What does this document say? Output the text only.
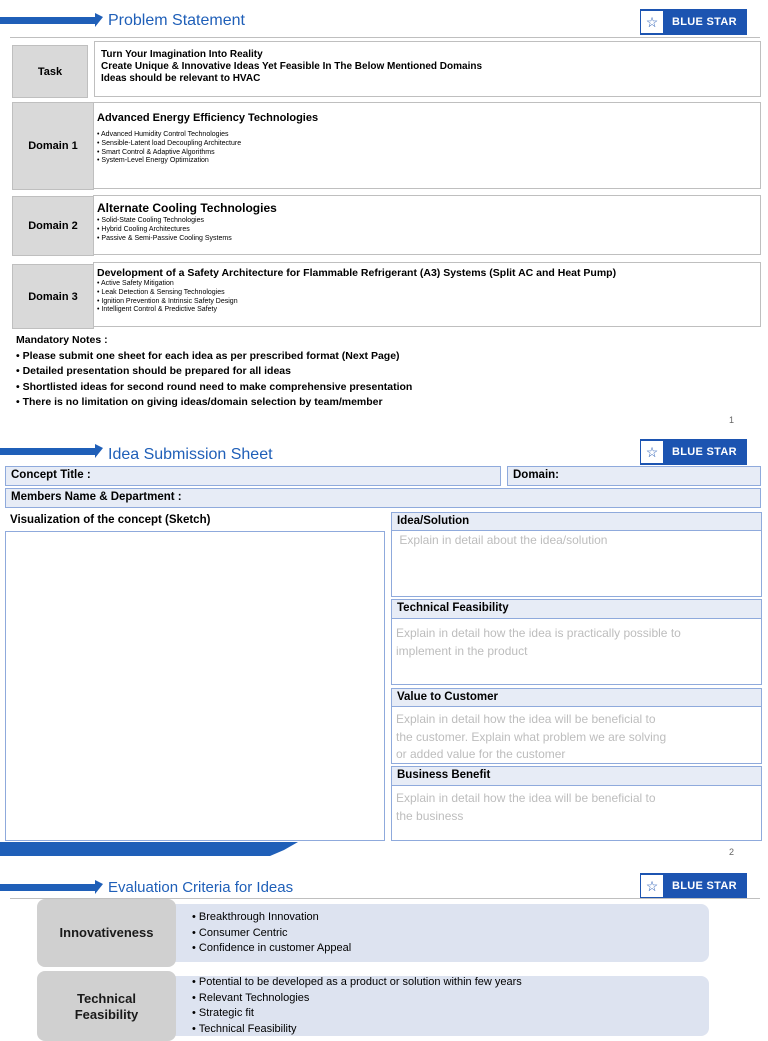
Problem Statement	☆	BLUE STAR
Task
Turn Your Imagination Into Reality
Create Unique & Innovative Ideas Yet Feasible In The Below Mentioned Domains
Ideas should be relevant to HVAC
Domain 1
Advanced Energy Efficiency Technologies
• Advanced Humidity Control Technologies
• Sensible-Latent load Decoupling Architecture
• Smart Control & Adaptive Algorithms
• System-Level Energy Optimization
Domain 2
Alternate Cooling Technologies
• Solid-State Cooling Technologies
• Hybrid Cooling Architectures
• Passive & Semi-Passive Cooling Systems
Domain 3
Development of a Safety Architecture for Flammable Refrigerant (A3) Systems (Split AC and Heat Pump)
• Active Safety Mitigation
• Leak Detection & Sensing Technologies
• Ignition Prevention & Intrinsic Safety Design
• Intelligent Control & Predictive Safety
Mandatory Notes :
• Please submit one sheet for each idea as per prescribed format (Next Page)
• Detailed presentation should be prepared for all ideas
• Shortlisted ideas for second round need to make comprehensive presentation
• There is no limitation on giving ideas/domain selection by team/member
1
Idea Submission Sheet	☆	BLUE STAR
Concept Title :	Domain:
Members Name & Department :
Visualization of the concept (Sketch)	Idea/Solution
Explain in detail about the idea/solution
Technical Feasibility
Explain in detail how the idea is practically possible to
implement in the product
Value to Customer
Explain in detail how the idea will be beneficial to
the customer. Explain what problem we are solving
or added value for the customer
Business Benefit
Explain in detail how the idea will be beneficial to
the business
2
Evaluation Criteria for Ideas	☆	BLUE STAR
Innovativeness
• Breakthrough Innovation
• Consumer Centric
• Confidence in customer Appeal
Technical
Feasibility
• Potential to be developed as a product or solution within few years
• Relevant Technologies
• Strategic fit
• Technical Feasibility
